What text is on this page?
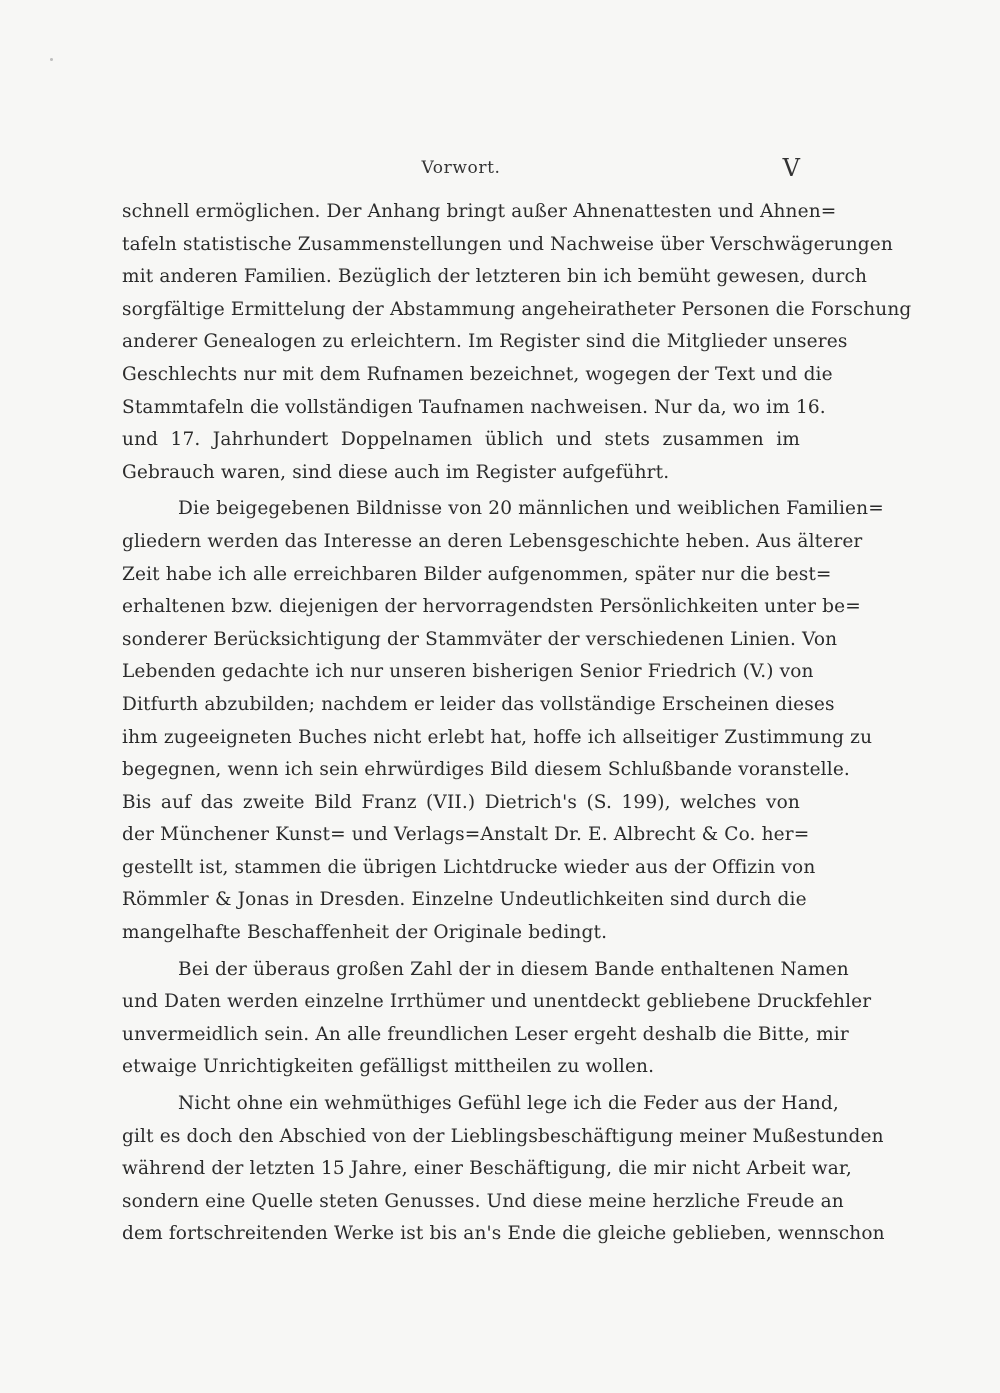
Vorwort.	V
schnell ermöglichen. Der Anhang bringt außer Ahnenattesten und Ahnen=
tafeln statistische Zusammenstellungen und Nachweise über Verschwägerungen
mit anderen Familien. Bezüglich der letzteren bin ich bemüht gewesen, durch
sorgfältige Ermittelung der Abstammung angeheiratheter Personen die Forschung
anderer Genealogen zu erleichtern. Im Register sind die Mitglieder unseres
Geschlechts nur mit dem Rufnamen bezeichnet, wogegen der Text und die
Stammtafeln die vollständigen Taufnamen nachweisen. Nur da, wo im 16.
und 17. Jahrhundert Doppelnamen üblich und stets zusammen im
Gebrauch waren, sind diese auch im Register aufgeführt.
Die beigegebenen Bildnisse von 20 männlichen und weiblichen Familien=
gliedern werden das Interesse an deren Lebensgeschichte heben. Aus älterer
Zeit habe ich alle erreichbaren Bilder aufgenommen, später nur die best=
erhaltenen bzw. diejenigen der hervorragendsten Persönlichkeiten unter be=
sonderer Berücksichtigung der Stammväter der verschiedenen Linien. Von
Lebenden gedachte ich nur unseren bisherigen Senior Friedrich (V.) von
Ditfurth abzubilden; nachdem er leider das vollständige Erscheinen dieses
ihm zugeeigneten Buches nicht erlebt hat, hoffe ich allseitiger Zustimmung zu
begegnen, wenn ich sein ehrwürdiges Bild diesem Schlußbande voranstelle.
Bis auf das zweite Bild Franz (VII.) Dietrich's (S. 199), welches von
der Münchener Kunst= und Verlags=Anstalt Dr. E. Albrecht & Co. her=
gestellt ist, stammen die übrigen Lichtdrucke wieder aus der Offizin von
Römmler & Jonas in Dresden. Einzelne Undeutlichkeiten sind durch die
mangelhafte Beschaffenheit der Originale bedingt.
Bei der überaus großen Zahl der in diesem Bande enthaltenen Namen
und Daten werden einzelne Irrthümer und unentdeckt gebliebene Druckfehler
unvermeidlich sein. An alle freundlichen Leser ergeht deshalb die Bitte, mir
etwaige Unrichtigkeiten gefälligst mittheilen zu wollen.
Nicht ohne ein wehmüthiges Gefühl lege ich die Feder aus der Hand,
gilt es doch den Abschied von der Lieblingsbeschäftigung meiner Mußestunden
während der letzten 15 Jahre, einer Beschäftigung, die mir nicht Arbeit war,
sondern eine Quelle steten Genusses. Und diese meine herzliche Freude an
dem fortschreitenden Werke ist bis an's Ende die gleiche geblieben, wennschon
